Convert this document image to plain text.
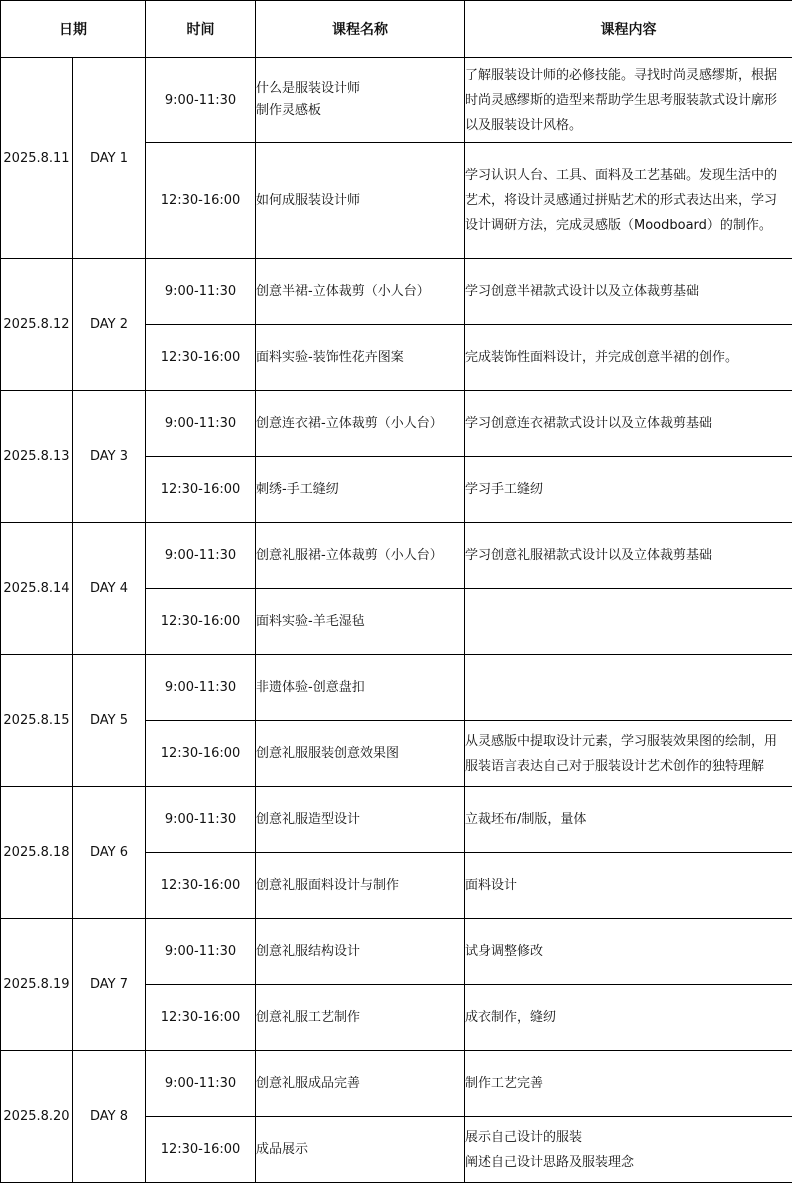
日期		时间	课程名称	课程内容
2025.8.11	DAY 1	9:00-11:30	什么是服装设计师
制作灵感板	了解服装设计师的必修技能。寻找时尚灵感缪斯，根据
时尚灵感缪斯的造型来帮助学生思考服装款式设计廓形
以及服装设计风格。

		12:30-16:00	如何成服装设计师	学习认识人台、工具、面料及工艺基础。发现生活中的
艺术，将设计灵感通过拼贴艺术的形式表达出来，学习
设计调研方法，完成灵感版（Moodboard）的制作。

2025.8.12	DAY 2	9:00-11:30	创意半裙-立体裁剪（小人台）	学习创意半裙款式设计以及立体裁剪基础

		12:30-16:00	面料实验-装饰性花卉图案	完成装饰性面料设计，并完成创意半裙的创作。

2025.8.13	DAY 3	9:00-11:30	创意连衣裙-立体裁剪（小人台）	学习创意连衣裙款式设计以及立体裁剪基础

		12:30-16:00	刺绣-手工缝纫	学习手工缝纫

2025.8.14	DAY 4	9:00-11:30	创意礼服裙-立体裁剪（小人台）	学习创意礼服裙款式设计以及立体裁剪基础

		12:30-16:00	面料实验-羊毛湿毡	

2025.8.15	DAY 5	9:00-11:30	非遗体验-创意盘扣	

		12:30-16:00	创意礼服服装创意效果图	从灵感版中提取设计元素，学习服装效果图的绘制，用
服装语言表达自己对于服装设计艺术创作的独特理解

2025.8.18	DAY 6	9:00-11:30	创意礼服造型设计	立裁坯布/制版，量体

		12:30-16:00	创意礼服面料设计与制作	面料设计

2025.8.19	DAY 7	9:00-11:30	创意礼服结构设计	试身调整修改

		12:30-16:00	创意礼服工艺制作	成衣制作，缝纫

2025.8.20	DAY 8	9:00-11:30	创意礼服成品完善	制作工艺完善

		12:30-16:00	成品展示	展示自己设计的服装
阐述自己设计思路及服装理念
